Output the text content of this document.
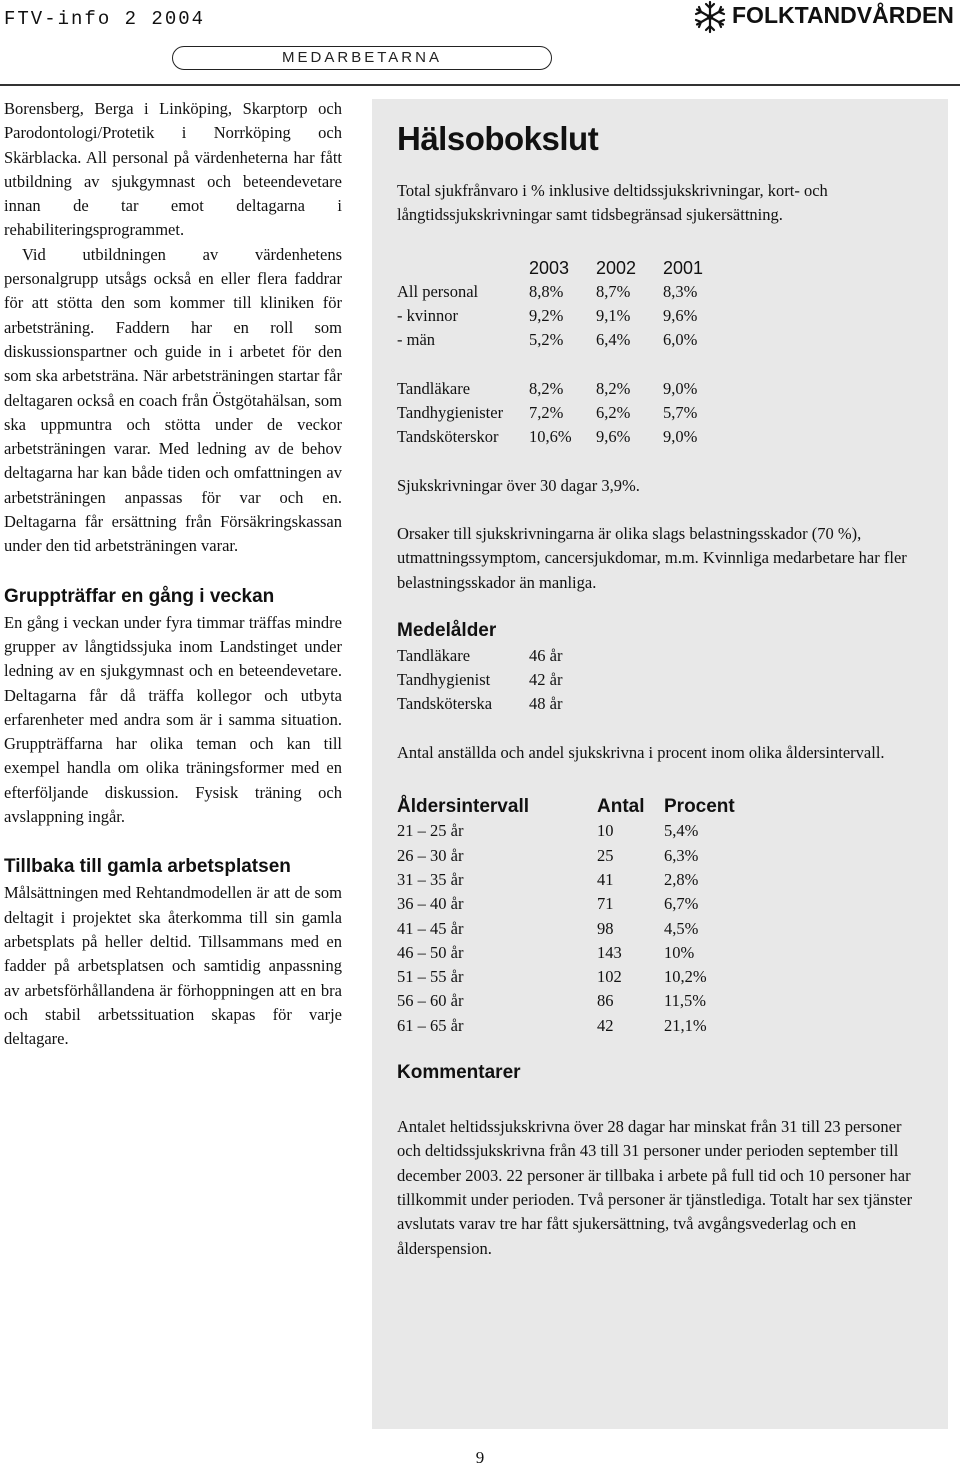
FTV-info 2 2004	FOLKTANDVÅRDEN
MEDARBETARNA

Borensberg, Berga i Linköping, Skarptorp och Parodontologi/Protetik i Norrköping och Skärblacka. All personal på värdenheterna har fått utbildning av sjukgymnast och beteendevetare innan de tar emot deltagarna i rehabiliteringsprogrammet.

Vid utbildningen av värdenhetens personalgrupp utsågs också en eller flera faddrar för att stötta den som kommer till kliniken för arbetsträning. Faddern har en roll som diskussionspartner och guide in i arbetet för den som ska arbetsträna. När arbetsträningen startar får deltagaren också en coach från Östgötahälsan, som ska uppmuntra och stötta under de veckor arbetsträningen varar. Med ledning av de behov deltagarna har kan både tiden och omfattningen av arbetsträningen anpassas för var och en. Deltagarna får ersättning från Försäkringskassan under den tid arbetsträningen varar.

Gruppträffar en gång i veckan

En gång i veckan under fyra timmar träffas mindre grupper av långtidssjuka inom Landstinget under ledning av en sjukgymnast och en beteendevetare. Deltagarna får då träffa kollegor och utbyta erfarenheter med andra som är i samma situation. Gruppträffarna har olika teman och kan till exempel handla om olika träningsformer med en efterföljande diskussion. Fysisk träning och avslappning ingår.

Tillbaka till gamla arbetsplatsen

Målsättningen med Rehtandmodellen är att de som deltagit i projektet ska återkomma till sin gamla arbetsplats på heller deltid. Tillsammans med en fadder på arbetsplatsen och samtidig anpassning av arbetsförhållandena är förhoppningen att en bra och stabil arbetssituation skapas för varje deltagare.

Hälsobokslut

Total sjukfrånvaro i % inklusive deltidssjukskrivningar, kort- och långtidssjukskrivningar samt tidsbegränsad sjukersättning.

	2003	2002	2001
All personal	8,8%	8,7%	8,3%
- kvinnor	9,2%	9,1%	9,6%
- män	5,2%	6,4%	6,0%

Tandläkare	8,2%	8,2%	9,0%
Tandhygienister	7,2%	6,2%	5,7%
Tandsköterskor	10,6%	9,6%	9,0%

Sjukskrivningar över 30 dagar 3,9%.

Orsaker till sjukskrivningarna är olika slags belastningsskador (70 %), utmattningssymptom, cancersjukdomar, m.m. Kvinnliga medarbetare har fler belastningsskador än manliga.

Medelålder
Tandläkare	46 år
Tandhygienist	42 år
Tandsköterska	48 år

Antal anställda och andel sjukskrivna i procent inom olika åldersintervall.

Åldersintervall	Antal	Procent
21 – 25 år	10	5,4%
26 – 30 år	25	6,3%
31 – 35 år	41	2,8%
36 – 40 år	71	6,7%
41 – 45 år	98	4,5%
46 – 50 år	143	10%
51 – 55 år	102	10,2%
56 – 60 år	86	11,5%
61 – 65 år	42	21,1%
Kommentarer

Antalet heltidssjukskrivna över 28 dagar har minskat från 31 till 23 personer och deltidssjukskrivna från 43 till 31 personer under perioden september till december 2003. 22 personer är tillbaka i arbete på full tid och 10 personer har tillkommit under perioden. Två personer är tjänstlediga. Totalt har sex tjänster avslutats varav tre har fått sjukersättning, två avgångsvederlag och en ålderspension.

9
